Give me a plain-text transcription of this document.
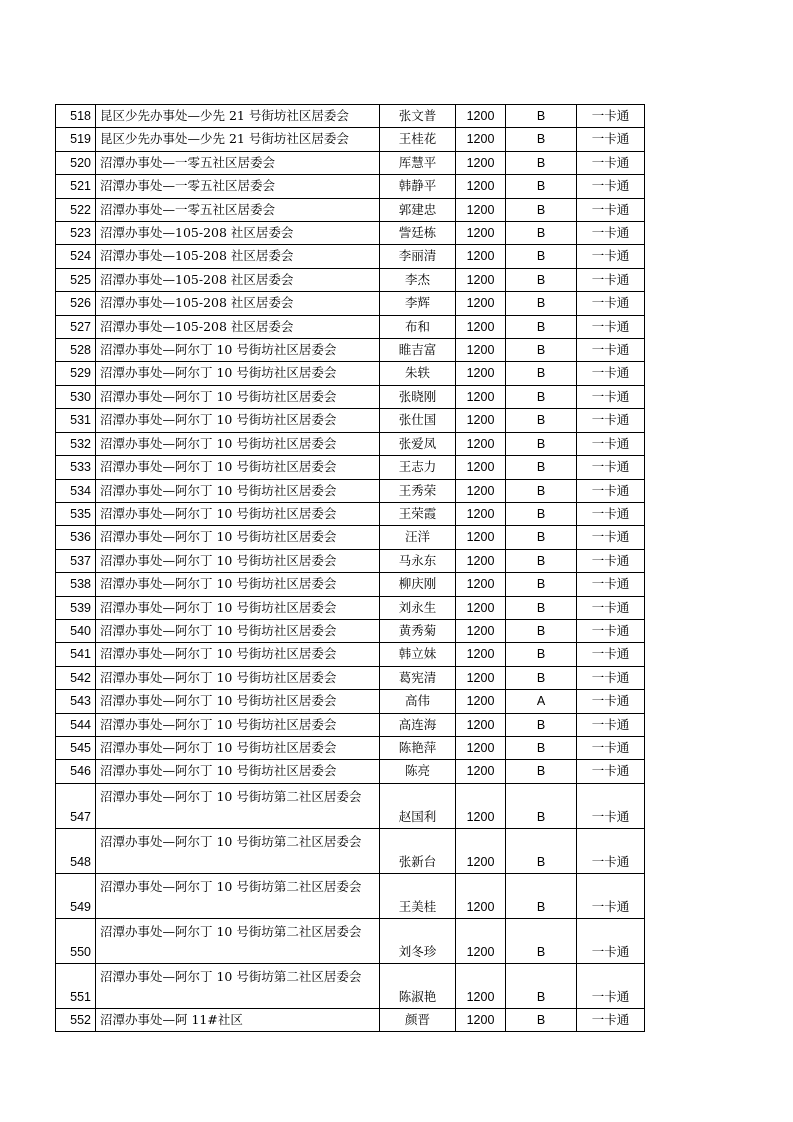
518	昆区少先办事处—少先 21 号街坊社区居委会	张文普	1200	B	一卡通
519	昆区少先办事处—少先 21 号街坊社区居委会	王桂花	1200	B	一卡通
520	沼潭办事处—一零五社区居委会	厍慧平	1200	B	一卡通
521	沼潭办事处—一零五社区居委会	韩静平	1200	B	一卡通
522	沼潭办事处—一零五社区居委会	郭建忠	1200	B	一卡通
523	沼潭办事处—105-208 社区居委会	訾廷栋	1200	B	一卡通
524	沼潭办事处—105-208 社区居委会	李丽清	1200	B	一卡通
525	沼潭办事处—105-208 社区居委会	李杰	1200	B	一卡通
526	沼潭办事处—105-208 社区居委会	李辉	1200	B	一卡通
527	沼潭办事处—105-208 社区居委会	布和	1200	B	一卡通
528	沼潭办事处—阿尔丁 10 号街坊社区居委会	睢吉富	1200	B	一卡通
529	沼潭办事处—阿尔丁 10 号街坊社区居委会	朱轶	1200	B	一卡通
530	沼潭办事处—阿尔丁 10 号街坊社区居委会	张晓刚	1200	B	一卡通
531	沼潭办事处—阿尔丁 10 号街坊社区居委会	张仕国	1200	B	一卡通
532	沼潭办事处—阿尔丁 10 号街坊社区居委会	张爱凤	1200	B	一卡通
533	沼潭办事处—阿尔丁 10 号街坊社区居委会	王志力	1200	B	一卡通
534	沼潭办事处—阿尔丁 10 号街坊社区居委会	王秀荣	1200	B	一卡通
535	沼潭办事处—阿尔丁 10 号街坊社区居委会	王荣霞	1200	B	一卡通
536	沼潭办事处—阿尔丁 10 号街坊社区居委会	汪洋	1200	B	一卡通
537	沼潭办事处—阿尔丁 10 号街坊社区居委会	马永东	1200	B	一卡通
538	沼潭办事处—阿尔丁 10 号街坊社区居委会	柳庆刚	1200	B	一卡通
539	沼潭办事处—阿尔丁 10 号街坊社区居委会	刘永生	1200	B	一卡通
540	沼潭办事处—阿尔丁 10 号街坊社区居委会	黄秀菊	1200	B	一卡通
541	沼潭办事处—阿尔丁 10 号街坊社区居委会	韩立妹	1200	B	一卡通
542	沼潭办事处—阿尔丁 10 号街坊社区居委会	葛宪清	1200	B	一卡通
543	沼潭办事处—阿尔丁 10 号街坊社区居委会	高伟	1200	A	一卡通
544	沼潭办事处—阿尔丁 10 号街坊社区居委会	高连海	1200	B	一卡通
545	沼潭办事处—阿尔丁 10 号街坊社区居委会	陈艳萍	1200	B	一卡通
546	沼潭办事处—阿尔丁 10 号街坊社区居委会	陈亮	1200	B	一卡通
547	沼潭办事处—阿尔丁 10 号街坊第二社区居委会	赵国利	1200	B	一卡通
548	沼潭办事处—阿尔丁 10 号街坊第二社区居委会	张新台	1200	B	一卡通
549	沼潭办事处—阿尔丁 10 号街坊第二社区居委会	王美桂	1200	B	一卡通
550	沼潭办事处—阿尔丁 10 号街坊第二社区居委会	刘冬珍	1200	B	一卡通
551	沼潭办事处—阿尔丁 10 号街坊第二社区居委会	陈淑艳	1200	B	一卡通
552	沼潭办事处—阿 11#社区	颜晋	1200	B	一卡通
